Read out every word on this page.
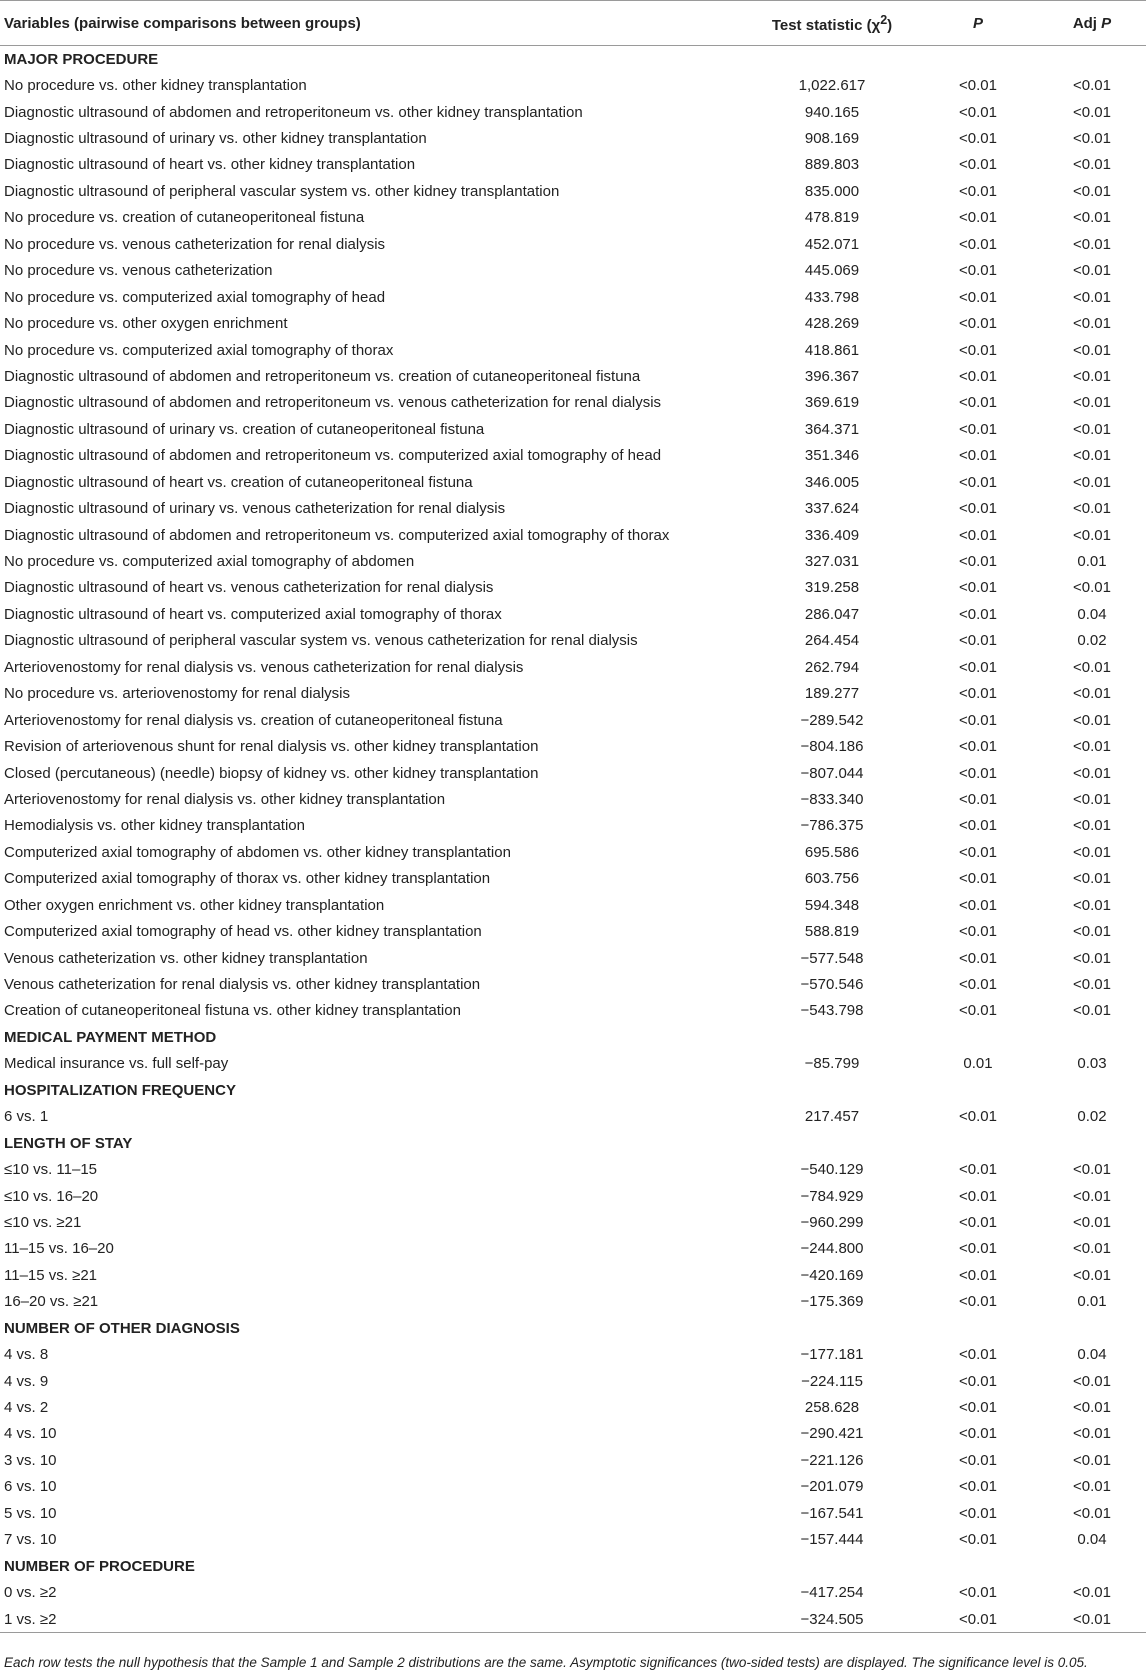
Variables (pairwise comparisons between groups)	Test statistic $(\chi^2)$	P	Adj P
MAJOR PROCEDURE			
No procedure vs. other kidney transplantation	1,022.617	<0.01	<0.01
Diagnostic ultrasound of abdomen and retroperitoneum vs. other kidney transplantation	940.165	<0.01	<0.01
Diagnostic ultrasound of urinary vs. other kidney transplantation	908.169	<0.01	<0.01
Diagnostic ultrasound of heart vs. other kidney transplantation	889.803	<0.01	<0.01
Diagnostic ultrasound of peripheral vascular system vs. other kidney transplantation	835.000	<0.01	<0.01
No procedure vs. creation of cutaneoperitoneal fistuna	478.819	<0.01	<0.01
No procedure vs. venous catheterization for renal dialysis	452.071	<0.01	<0.01
No procedure vs. venous catheterization	445.069	<0.01	<0.01
No procedure vs. computerized axial tomography of head	433.798	<0.01	<0.01
No procedure vs. other oxygen enrichment	428.269	<0.01	<0.01
No procedure vs. computerized axial tomography of thorax	418.861	<0.01	<0.01
Diagnostic ultrasound of abdomen and retroperitoneum vs. creation of cutaneoperitoneal fistuna	396.367	<0.01	<0.01
Diagnostic ultrasound of abdomen and retroperitoneum vs. venous catheterization for renal dialysis	369.619	<0.01	<0.01
Diagnostic ultrasound of urinary vs. creation of cutaneoperitoneal fistuna	364.371	<0.01	<0.01
Diagnostic ultrasound of abdomen and retroperitoneum vs. computerized axial tomography of head	351.346	<0.01	<0.01
Diagnostic ultrasound of heart vs. creation of cutaneoperitoneal fistuna	346.005	<0.01	<0.01
Diagnostic ultrasound of urinary vs. venous catheterization for renal dialysis	337.624	<0.01	<0.01
Diagnostic ultrasound of abdomen and retroperitoneum vs. computerized axial tomography of thorax	336.409	<0.01	<0.01
No procedure vs. computerized axial tomography of abdomen	327.031	<0.01	0.01
Diagnostic ultrasound of heart vs. venous catheterization for renal dialysis	319.258	<0.01	<0.01
Diagnostic ultrasound of heart vs. computerized axial tomography of thorax	286.047	<0.01	0.04
Diagnostic ultrasound of peripheral vascular system vs. venous catheterization for renal dialysis	264.454	<0.01	0.02
Arteriovenostomy for renal dialysis vs. venous catheterization for renal dialysis	262.794	<0.01	<0.01
No procedure vs. arteriovenostomy for renal dialysis	189.277	<0.01	<0.01
Arteriovenostomy for renal dialysis vs. creation of cutaneoperitoneal fistuna	−289.542	<0.01	<0.01
Revision of arteriovenous shunt for renal dialysis vs. other kidney transplantation	−804.186	<0.01	<0.01
Closed (percutaneous) (needle) biopsy of kidney vs. other kidney transplantation	−807.044	<0.01	<0.01
Arteriovenostomy for renal dialysis vs. other kidney transplantation	−833.340	<0.01	<0.01
Hemodialysis vs. other kidney transplantation	−786.375	<0.01	<0.01
Computerized axial tomography of abdomen vs. other kidney transplantation	695.586	<0.01	<0.01
Computerized axial tomography of thorax vs. other kidney transplantation	603.756	<0.01	<0.01
Other oxygen enrichment vs. other kidney transplantation	594.348	<0.01	<0.01
Computerized axial tomography of head vs. other kidney transplantation	588.819	<0.01	<0.01
Venous catheterization vs. other kidney transplantation	−577.548	<0.01	<0.01
Venous catheterization for renal dialysis vs. other kidney transplantation	−570.546	<0.01	<0.01
Creation of cutaneoperitoneal fistuna vs. other kidney transplantation	−543.798	<0.01	<0.01
MEDICAL PAYMENT METHOD			
Medical insurance vs. full self-pay	−85.799	0.01	0.03
HOSPITALIZATION FREQUENCY			
6 vs. 1	217.457	<0.01	0.02
LENGTH OF STAY			
≤10 vs. 11–15	−540.129	<0.01	<0.01
≤10 vs. 16–20	−784.929	<0.01	<0.01
≤10 vs. ≥21	−960.299	<0.01	<0.01
11–15 vs. 16–20	−244.800	<0.01	<0.01
11–15 vs. ≥21	−420.169	<0.01	<0.01
16–20 vs. ≥21	−175.369	<0.01	0.01
NUMBER OF OTHER DIAGNOSIS			
4 vs. 8	−177.181	<0.01	0.04
4 vs. 9	−224.115	<0.01	<0.01
4 vs. 2	258.628	<0.01	<0.01
4 vs. 10	−290.421	<0.01	<0.01
3 vs. 10	−221.126	<0.01	<0.01
6 vs. 10	−201.079	<0.01	<0.01
5 vs. 10	−167.541	<0.01	<0.01
7 vs. 10	−157.444	<0.01	0.04
NUMBER OF PROCEDURE			
0 vs. ≥2	−417.254	<0.01	<0.01
1 vs. ≥2	−324.505	<0.01	<0.01
Each row tests the null hypothesis that the Sample 1 and Sample 2 distributions are the same. Asymptotic significances (two-sided tests) are displayed. The significance level is 0.05.
